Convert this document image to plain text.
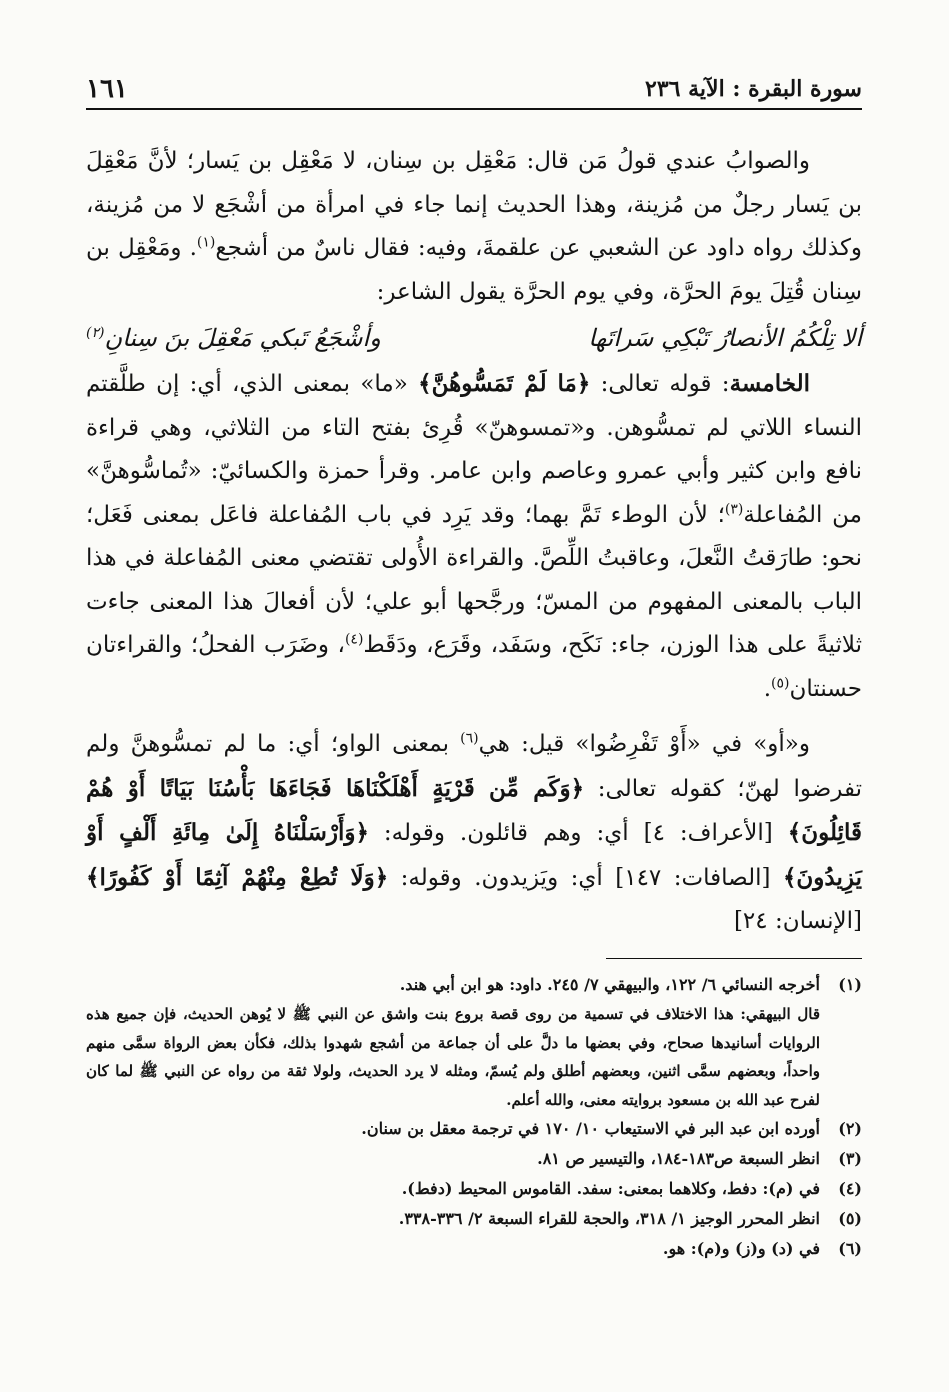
سورة البقرة : الآية ٢٣٦
١٦١

والصوابُ عندي قولُ مَن قال: مَعْقِل بن سِنان، لا مَعْقِل بن يَسار؛ لأنَّ مَعْقِلَ بن يَسار رجلٌ من مُزينة، وهذا الحديث إنما جاء في امرأة من أشْجَع لا من مُزينة، وكذلك رواه داود عن الشعبي عن علقمةَ، وفيه: فقال ناسٌ من أشجع$^{(١)}$. ومَعْقِل بن سِنان قُتِلَ يومَ الحرَّة، وفي يوم الحرَّة يقول الشاعر:

ألا تِلْكُمُ الأنصارُ تَبْكِي سَراتَها
وأشْجَعُ تَبكي مَعْقِلَ بنَ سِنانِ$^{(٢)}$

الخامسة: قوله تعالى: ﴿مَا لَمْ تَمَسُّوهُنَّ﴾ «ما» بمعنى الذي، أي: إن طلَّقتم النساء اللاتي لم تمسُّوهن. و«تمسوهنّ» قُرِئ بفتح التاء من الثلاثي، وهي قراءة نافع وابن كثير وأبي عمرو وعاصم وابن عامر. وقرأ حمزة والكسائيّ: «تُماسُّوهنَّ» من المُفاعلة$^{(٣)}$؛ لأن الوطء تَمَّ بهما؛ وقد يَرِد في باب المُفاعلة فاعَل بمعنى فَعَل؛ نحو: طارَقتُ النَّعلَ، وعاقبتُ اللِّصَّ. والقراءة الأُولى تقتضي معنى المُفاعلة في هذا الباب بالمعنى المفهوم من المسّ؛ ورجَّحها أبو علي؛ لأن أفعالَ هذا المعنى جاءت ثلاثيةً على هذا الوزن، جاء: نَكَح، وسَفَد، وقَرَع، ودَقَط$^{(٤)}$، وضَرَب الفحلُ؛ والقراءتان حسنتان$^{(٥)}$.

و«أو» في «أَوْ تَفْرِضُوا» قيل: هي$^{(٦)}$ بمعنى الواو؛ أي: ما لم تمسُّوهنَّ ولم تفرضوا لهنّ؛ كقوله تعالى: ﴿وَكَم مِّن قَرْيَةٍ أَهْلَكْنَاهَا فَجَاءَهَا بَأْسُنَا بَيَاتًا أَوْ هُمْ قَائِلُونَ﴾ [الأعراف: ٤] أي: وهم قائلون. وقوله: ﴿وَأَرْسَلْنَاهُ إِلَىٰ مِائَةِ أَلْفٍ أَوْ يَزِيدُونَ﴾ [الصافات: ١٤٧] أي: ويَزيدون. وقوله: ﴿وَلَا تُطِعْ مِنْهُمْ آثِمًا أَوْ كَفُورًا﴾ [الإنسان: ٢٤]

(١)
أخرجه النسائي ٦/ ١٢٢، والبيهقي ٧/ ٢٤٥. داود: هو ابن أبي هند.
قال البيهقي: هذا الاختلاف في تسمية من روى قصة بروع بنت واشق عن النبي ﷺ لا يُوهن الحديث، فإن جميع هذه الروايات أسانيدها صحاح، وفي بعضها ما دلَّ على أن جماعة من أشجع شهدوا بذلك، فكأن بعض الرواة سمَّى منهم واحداً، وبعضهم سمَّى اثنين، وبعضهم أطلق ولم يُسمّ، ومثله لا يرد الحديث، ولولا ثقة من رواه عن النبي ﷺ لما كان لفرح عبد الله بن مسعود بروايته معنى، والله أعلم.
(٢)
أورده ابن عبد البر في الاستيعاب ١٠/ ١٧٠ في ترجمة معقل بن سنان.
(٣)
انظر السبعة ص١٨٣-١٨٤، والتيسير ص ٨١.
(٤)
في (م): دفط، وكلاهما بمعنى: سفد. القاموس المحيط (دفط).
(٥)
انظر المحرر الوجيز ١/ ٣١٨، والحجة للقراء السبعة ٢/ ٣٣٦-٣٣٨.
(٦)
في (د) و(ز) و(م): هو.
